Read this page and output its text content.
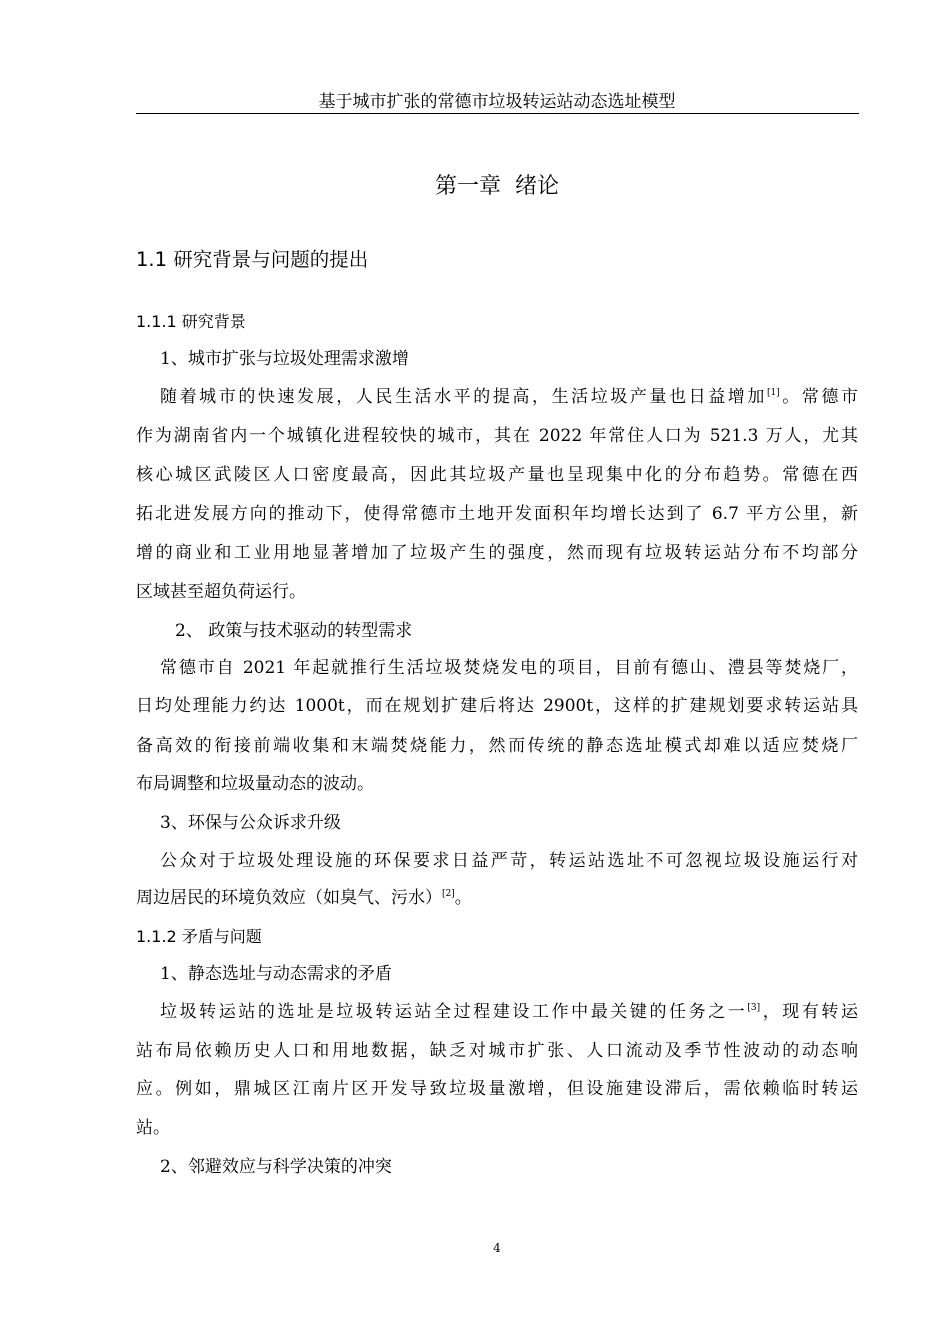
基于城市扩张的常德市垃圾转运站动态选址模型
第一章  绪论
1.1 研究背景与问题的提出
1.1.1 研究背景
1、城市扩张与垃圾处理需求激增
随着城市的快速发展，人民生活水平的提高，生活垃圾产量也日益增加[1]。常德市
作为湖南省内一个城镇化进程较快的城市，其在 2022 年常住人口为 521.3 万人，尤其
核心城区武陵区人口密度最高，因此其垃圾产量也呈现集中化的分布趋势。常德在西
拓北进发展方向的推动下，使得常德市土地开发面积年均增长达到了 6.7 平方公里，新
增的商业和工业用地显著增加了垃圾产生的强度，然而现有垃圾转运站分布不均部分
区域甚至超负荷运行。
2、 政策与技术驱动的转型需求
常德市自 2021 年起就推行生活垃圾焚烧发电的项目，目前有德山、澧县等焚烧厂，
日均处理能力约达 1000t，而在规划扩建后将达 2900t，这样的扩建规划要求转运站具
备高效的衔接前端收集和末端焚烧能力，然而传统的静态选址模式却难以适应焚烧厂
布局调整和垃圾量动态的波动。
3、环保与公众诉求升级
公众对于垃圾处理设施的环保要求日益严苛，转运站选址不可忽视垃圾设施运行对
周边居民的环境负效应（如臭气、污水）[2]。
1.1.2 矛盾与问题
1、静态选址与动态需求的矛盾
垃圾转运站的选址是垃圾转运站全过程建设工作中最关键的任务之一[3]，现有转运
站布局依赖历史人口和用地数据，缺乏对城市扩张、人口流动及季节性波动的动态响
应。例如，鼎城区江南片区开发导致垃圾量激增，但设施建设滞后，需依赖临时转运
站。
2、邻避效应与科学决策的冲突
4
